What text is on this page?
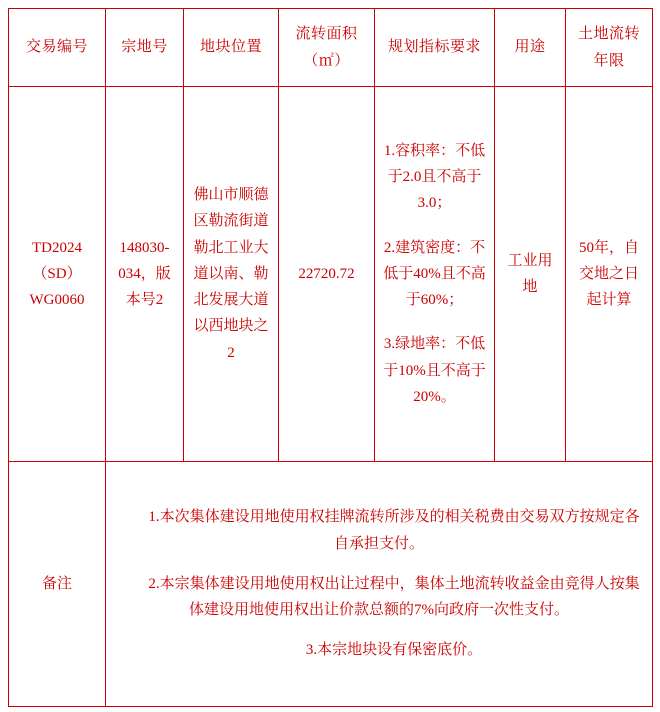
交易编号	宗地号	地块位置	流转面积（㎡）	规划指标要求	用途	土地流转年限
TD2024（SD）WG0060	148030-034，版本号2	佛山市顺德区勒流街道勒北工业大道以南、勒北发展大道以西地块之2	22720.72	1.容积率：不低于2.0且不高于3.0；

2.建筑密度：不低于40%且不高于60%；

3.绿地率：不低于10%且不高于20%。	工业用地	50年，自交地之日起计算
备注	1.本次集体建设用地使用权挂牌流转所涉及的相关税费由交易双方按规定各自承担支付。

2.本宗集体建设用地使用权出让过程中，集体土地流转收益金由竞得人按集体建设用地使用权出让价款总额的7%向政府一次性支付。

3.本宗地块设有保密底价。					
